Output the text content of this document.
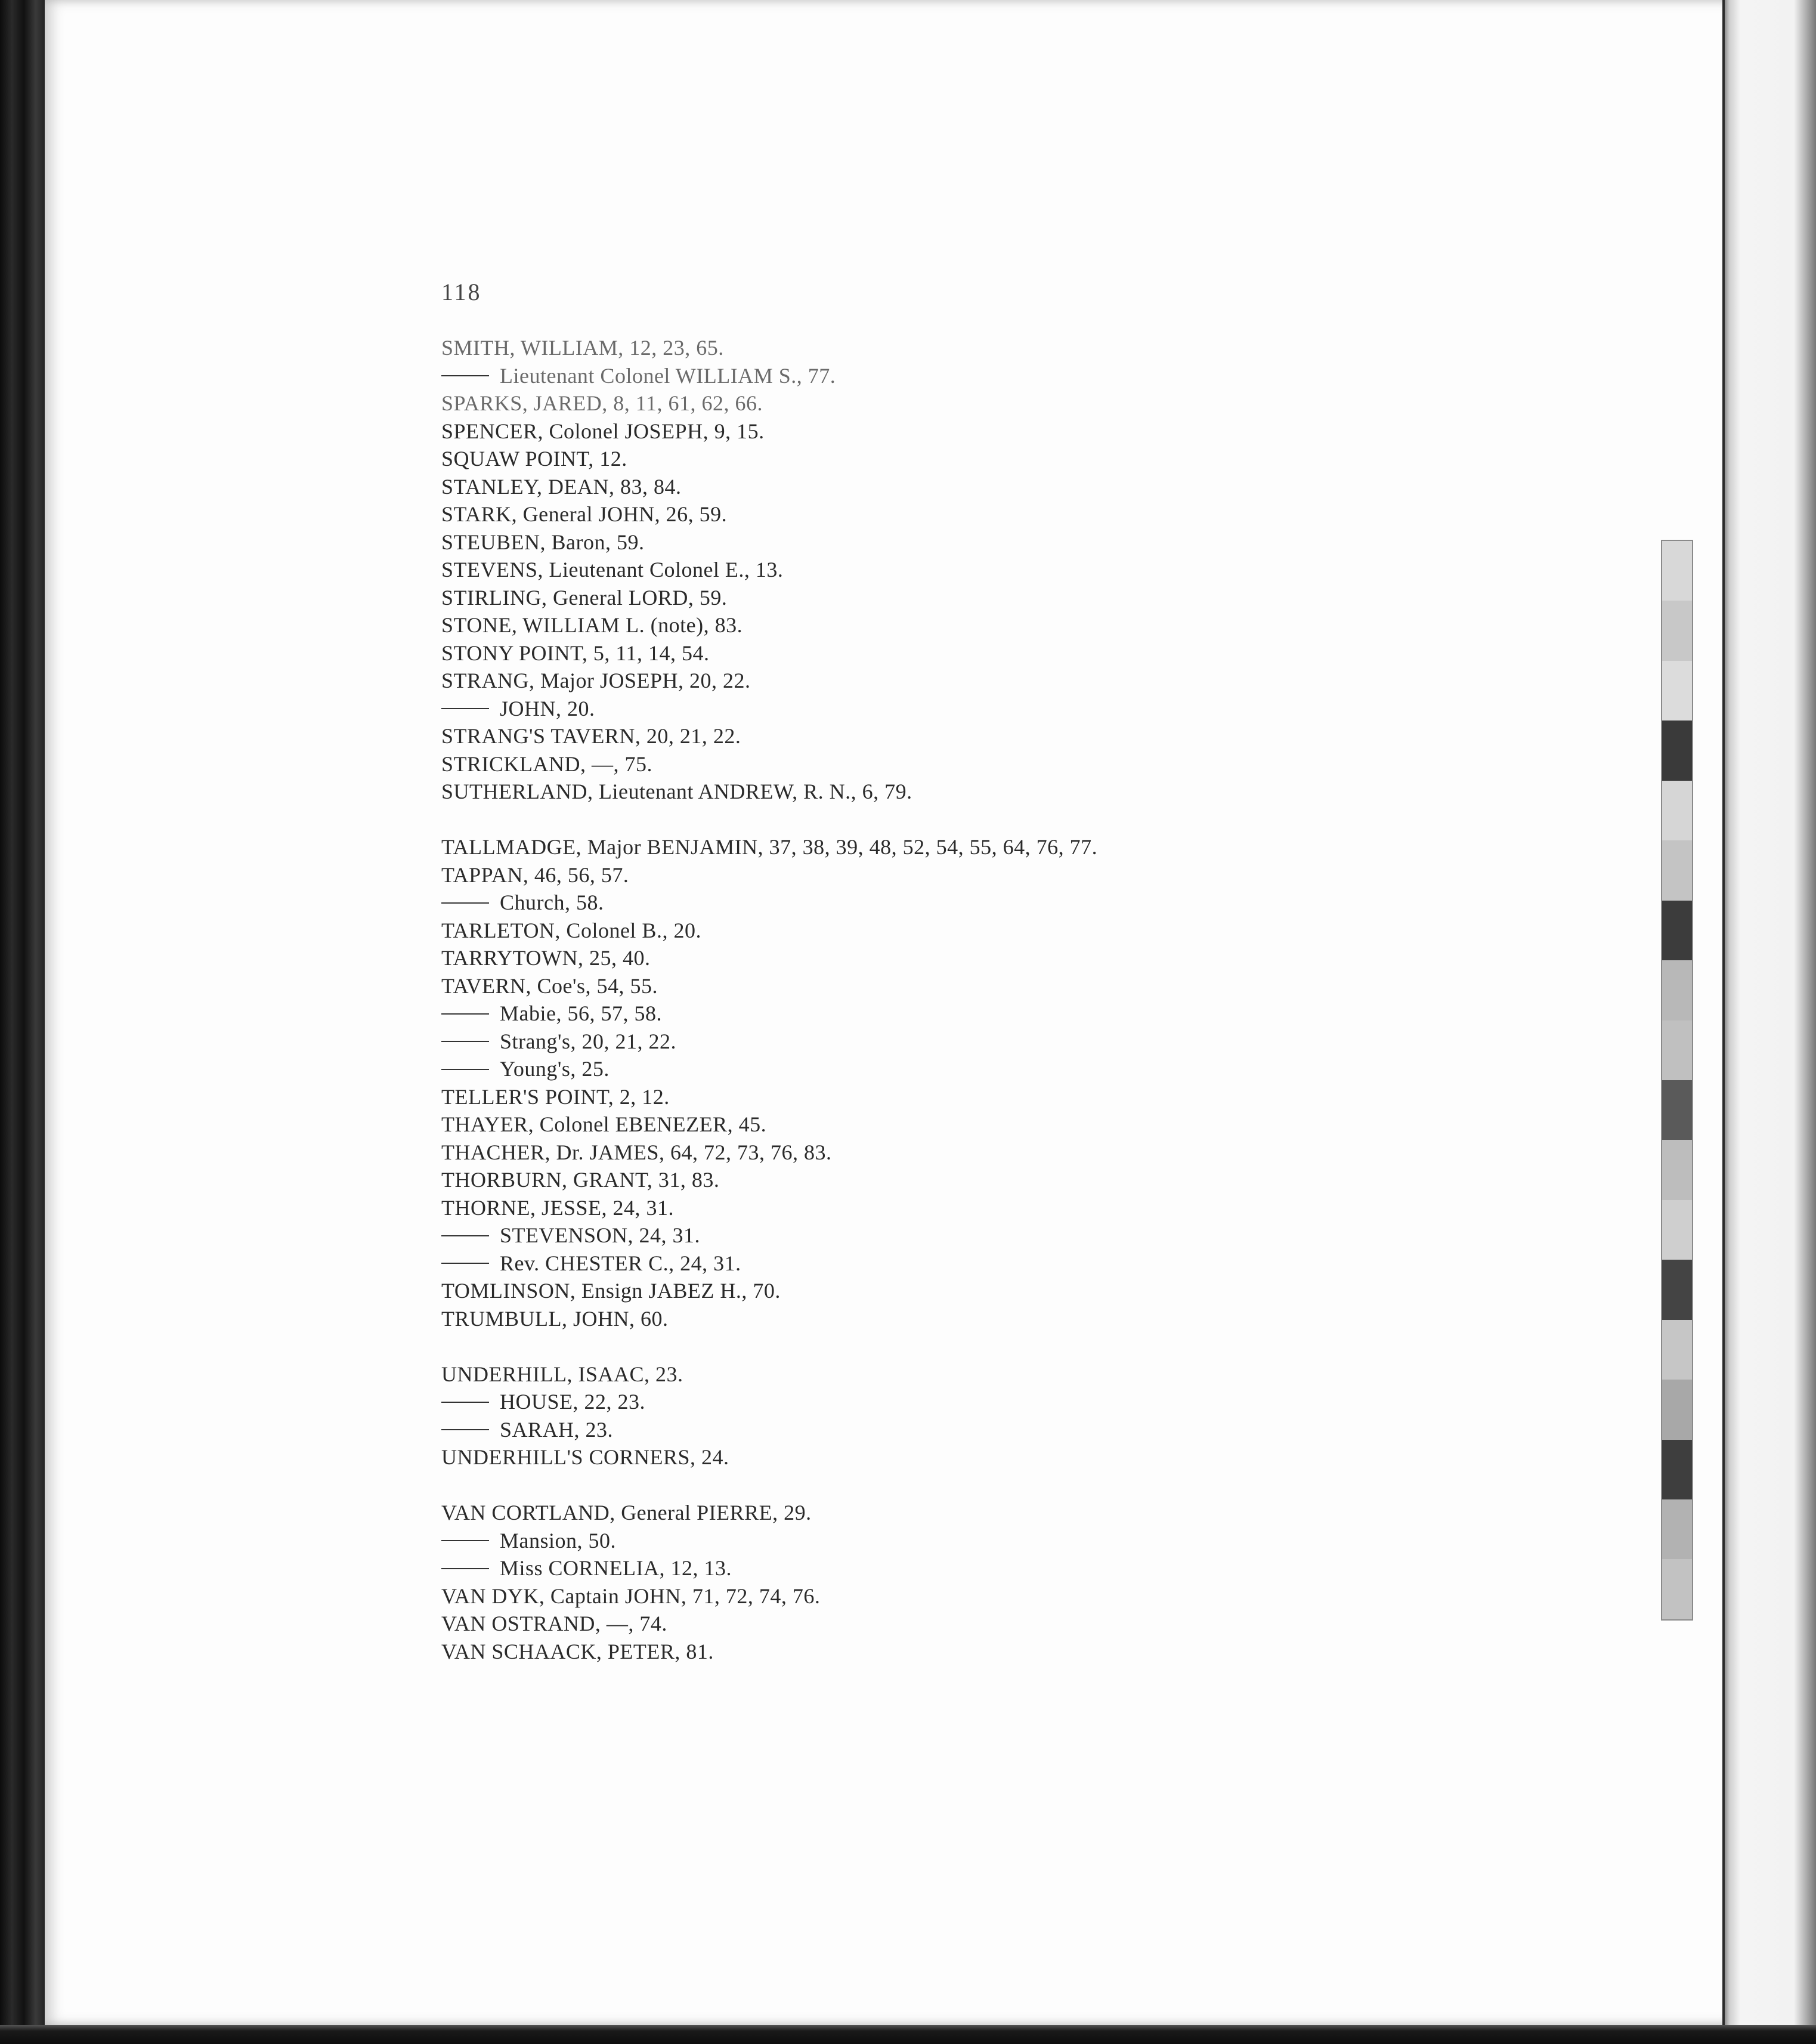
118
SMITH, WILLIAM, 12, 23, 65.
Lieutenant Colonel WILLIAM S., 77.
SPARKS, JARED, 8, 11, 61, 62, 66.
SPENCER, Colonel JOSEPH, 9, 15.
SQUAW POINT, 12.
STANLEY, DEAN, 83, 84.
STARK, General JOHN, 26, 59.
STEUBEN, Baron, 59.
STEVENS, Lieutenant Colonel E., 13.
STIRLING, General LORD, 59.
STONE, WILLIAM L. (note), 83.
STONY POINT, 5, 11, 14, 54.
STRANG, Major JOSEPH, 20, 22.
JOHN, 20.
STRANG'S TAVERN, 20, 21, 22.
STRICKLAND, —, 75.
SUTHERLAND, Lieutenant ANDREW, R. N., 6, 79.
TALLMADGE, Major BENJAMIN, 37, 38, 39, 48, 52, 54, 55, 64, 76, 77.
TAPPAN, 46, 56, 57.
Church, 58.
TARLETON, Colonel B., 20.
TARRYTOWN, 25, 40.
TAVERN, Coe's, 54, 55.
Mabie, 56, 57, 58.
Strang's, 20, 21, 22.
Young's, 25.
TELLER'S POINT, 2, 12.
THAYER, Colonel EBENEZER, 45.
THACHER, Dr. JAMES, 64, 72, 73, 76, 83.
THORBURN, GRANT, 31, 83.
THORNE, JESSE, 24, 31.
STEVENSON, 24, 31.
Rev. CHESTER C., 24, 31.
TOMLINSON, Ensign JABEZ H., 70.
TRUMBULL, JOHN, 60.
UNDERHILL, ISAAC, 23.
HOUSE, 22, 23.
SARAH, 23.
UNDERHILL'S CORNERS, 24.
VAN CORTLAND, General PIERRE, 29.
Mansion, 50.
Miss CORNELIA, 12, 13.
VAN DYK, Captain JOHN, 71, 72, 74, 76.
VAN OSTRAND, —, 74.
VAN SCHAACK, PETER, 81.
